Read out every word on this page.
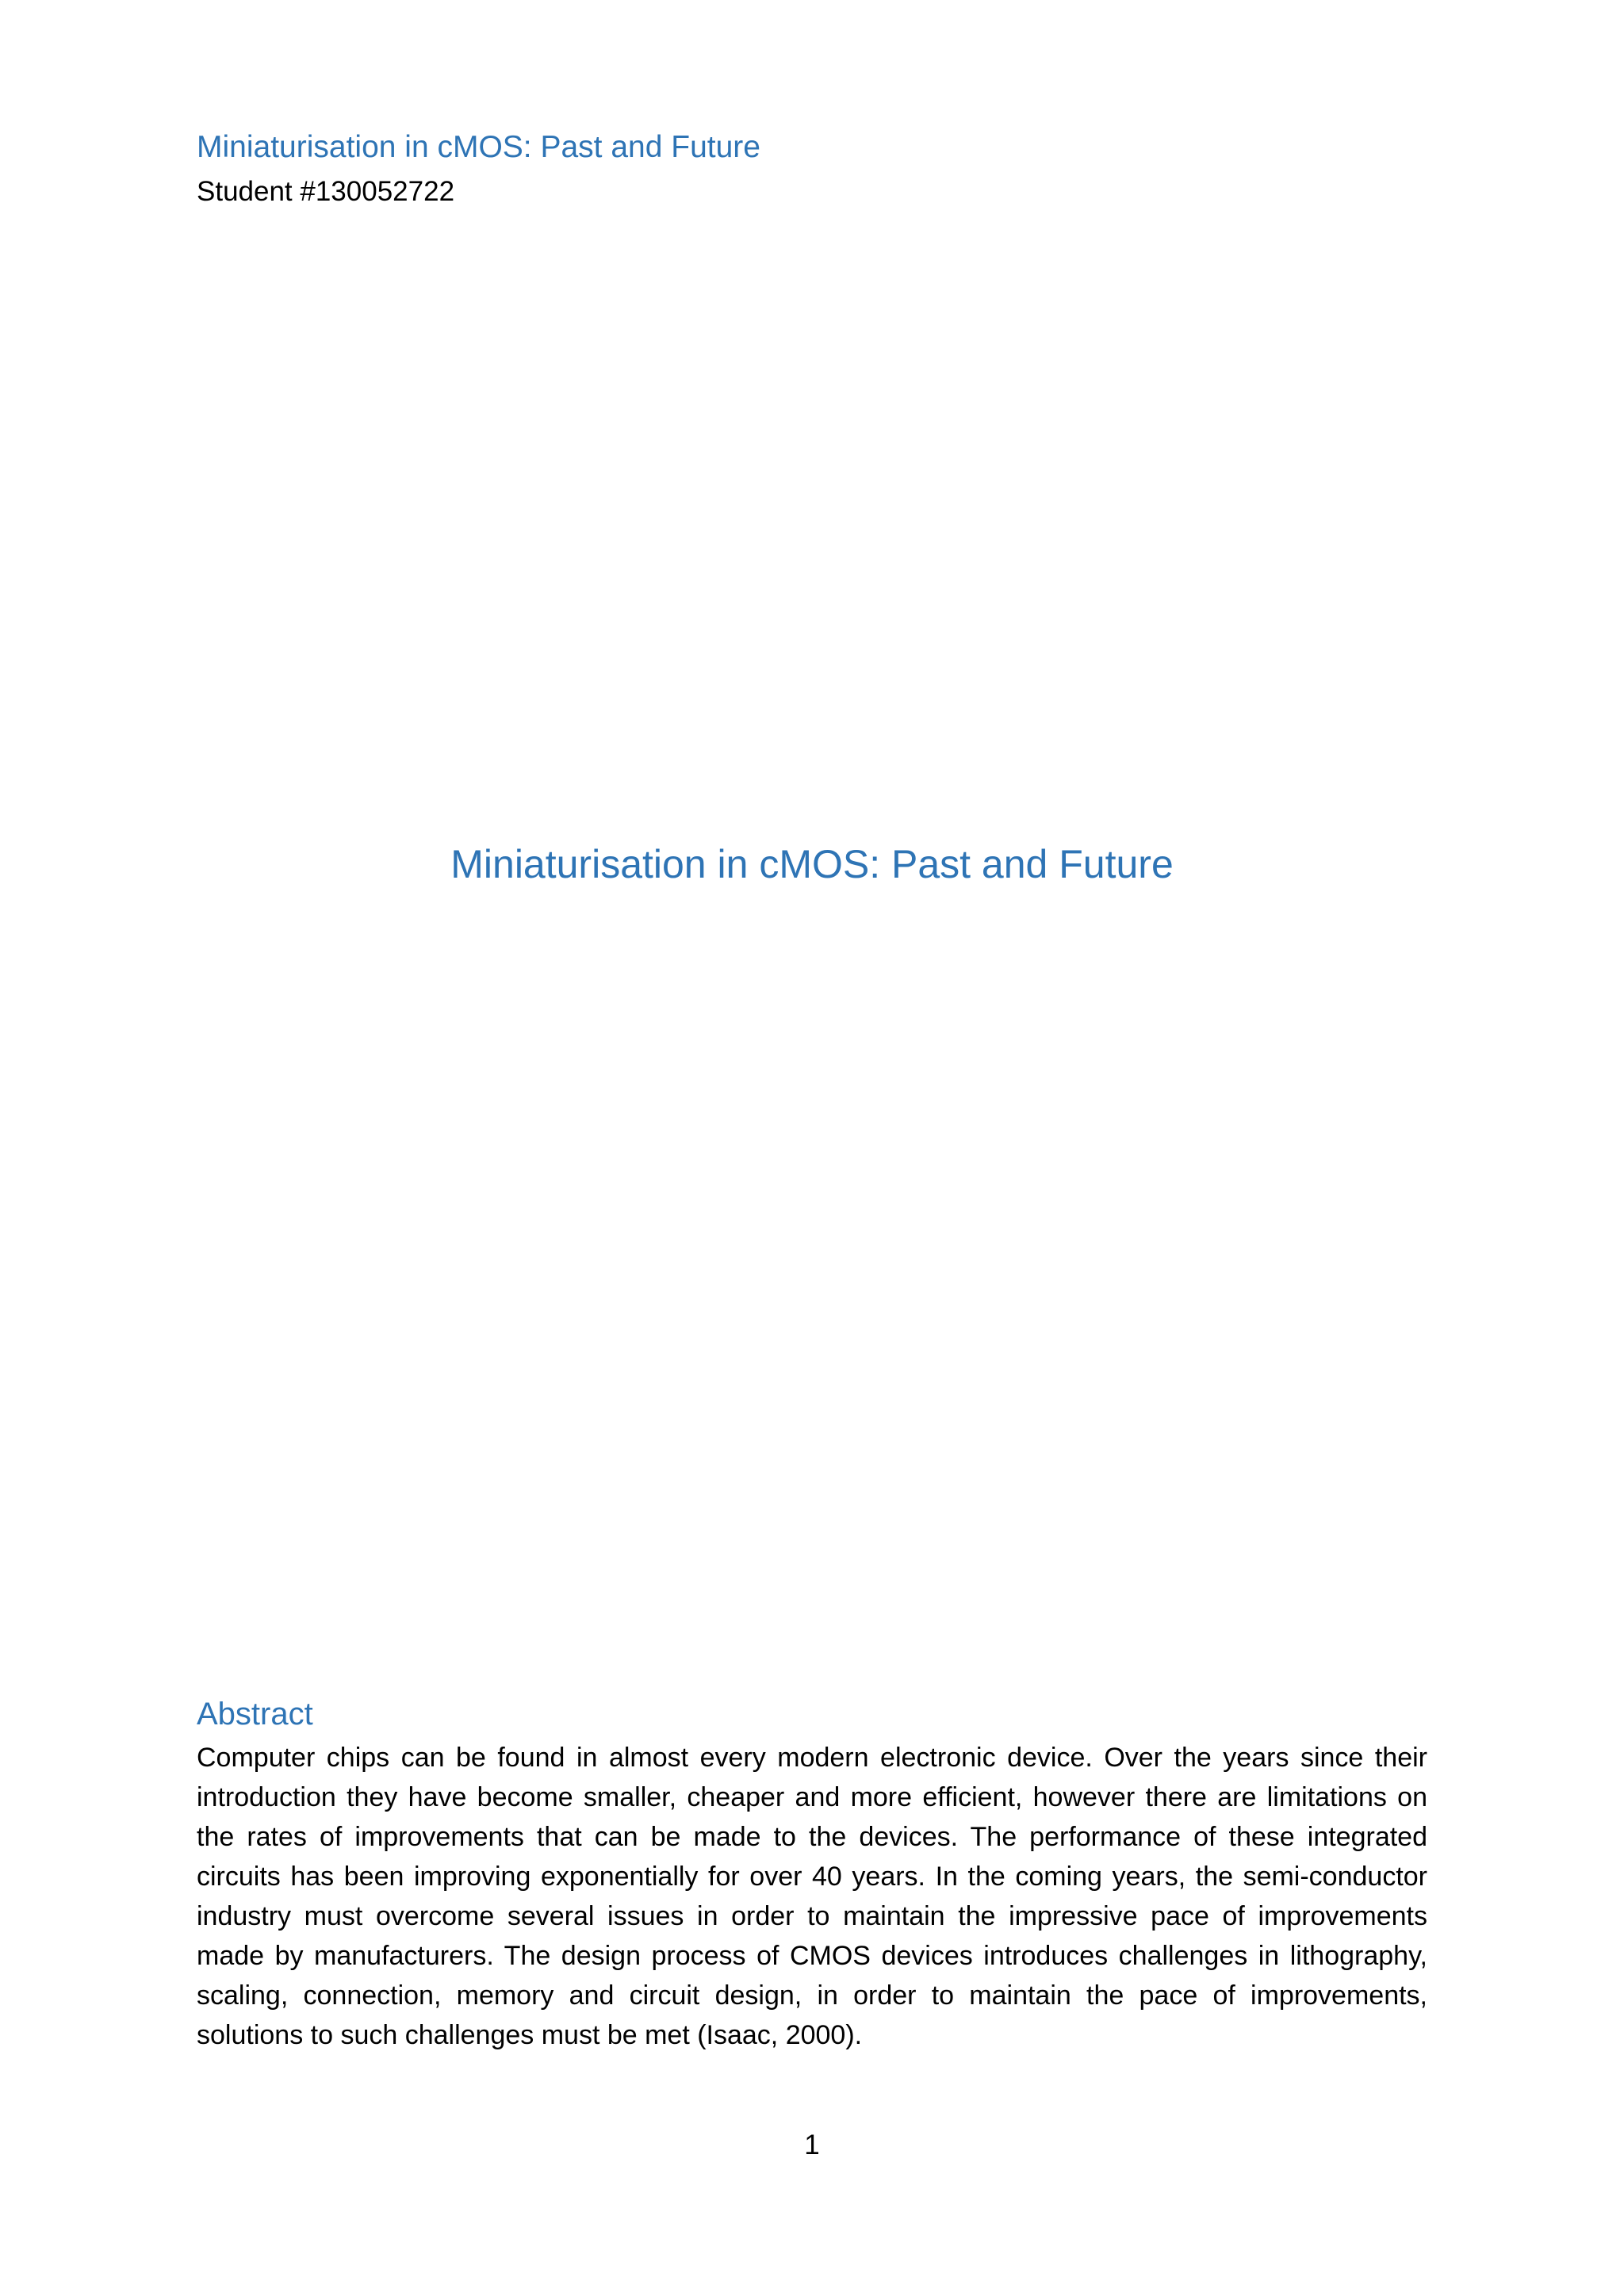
Miniaturisation in cMOS: Past and Future
Student #130052722
Miniaturisation in cMOS: Past and Future
Abstract

Computer chips can be found in almost every modern electronic device. Over the years since their introduction they have become smaller, cheaper and more efficient, however there are limitations on the rates of improvements that can be made to the devices. The performance of these integrated circuits has been improving exponentially for over 40 years. In the coming years, the semi-conductor industry must overcome several issues in order to maintain the impressive pace of improvements made by manufacturers. The design process of CMOS devices introduces challenges in lithography, scaling, connection, memory and circuit design, in order to maintain the pace of improvements, solutions to such challenges must be met (Isaac, 2000).

1
